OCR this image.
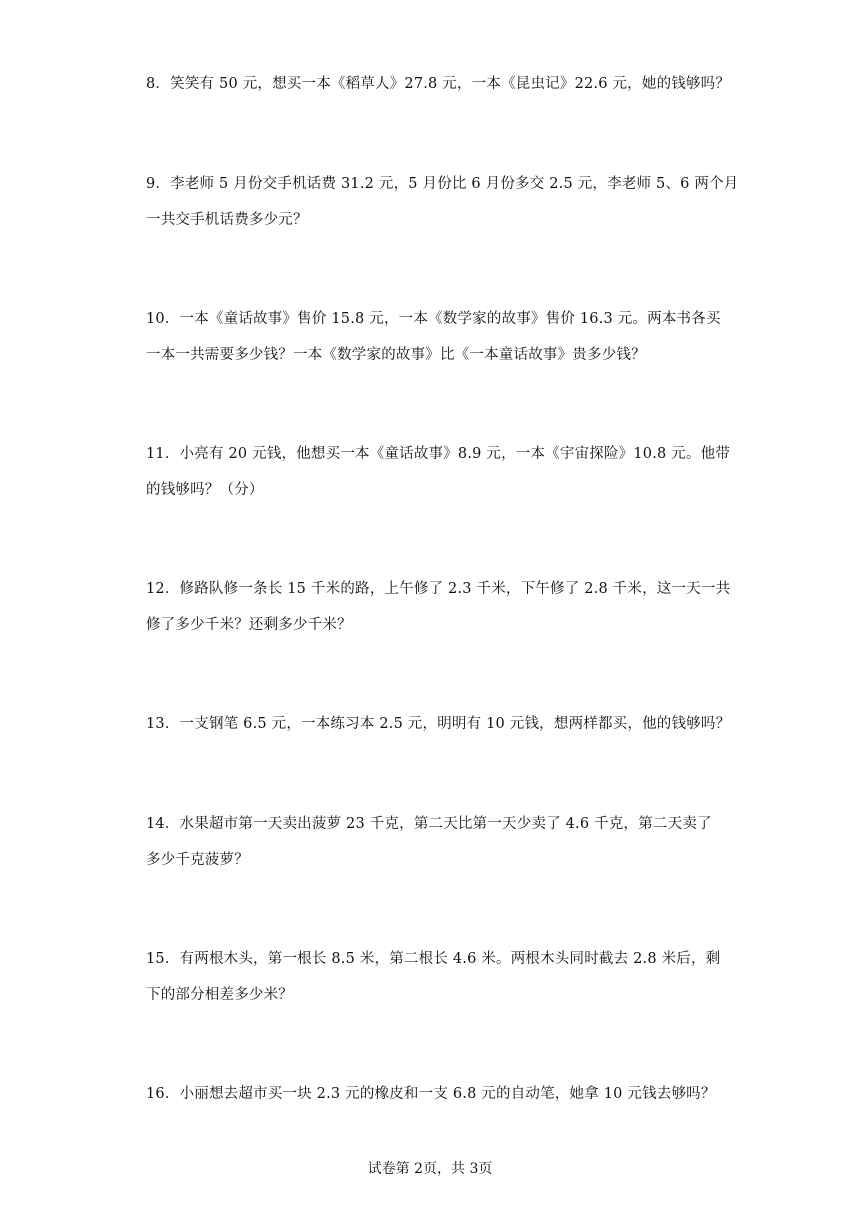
8．笑笑有 50 元，想买一本《稻草人》27.8 元，一本《昆虫记》22.6 元，她的钱够吗？

9．李老师 5 月份交手机话费 31.2 元，5 月份比 6 月份多交 2.5 元，李老师 5、6 两个月

一共交手机话费多少元？

10．一本《童话故事》售价 15.8 元，一本《数学家的故事》售价 16.3 元。两本书各买

一本一共需要多少钱？一本《数学家的故事》比《一本童话故事》贵多少钱？

11．小亮有 20 元钱，他想买一本《童话故事》8.9 元，一本《宇宙探险》10.8 元。他带

的钱够吗？（分）

12．修路队修一条长 15 千米的路，上午修了 2.3 千米，下午修了 2.8 千米，这一天一共

修了多少千米？还剩多少千米？

13．一支钢笔 6.5 元，一本练习本 2.5 元，明明有 10 元钱，想两样都买，他的钱够吗？

14．水果超市第一天卖出菠萝 23 千克，第二天比第一天少卖了 4.6 千克，第二天卖了

多少千克菠萝？

15．有两根木头，第一根长 8.5 米，第二根长 4.6 米。两根木头同时截去 2.8 米后，剩

下的部分相差多少米？

16．小丽想去超市买一块 2.3 元的橡皮和一支 6.8 元的自动笔，她拿 10 元钱去够吗？

试卷第 2页，共 3页
